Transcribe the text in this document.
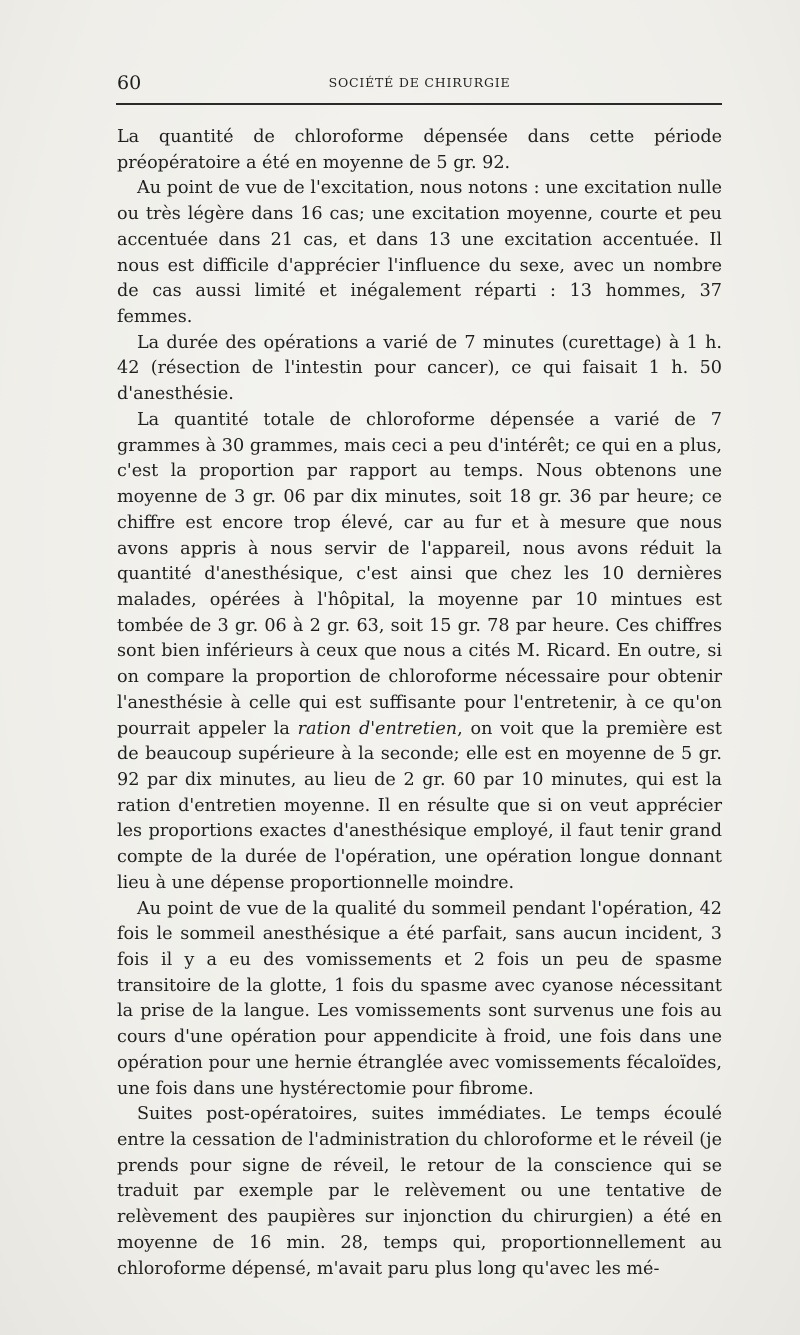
60	SOCIÉTÉ DE CHIRURGIE

La quantité de chloroforme dépensée dans cette période préopératoire a été en moyenne de 5 gr. 92.

Au point de vue de l'excitation, nous notons : une excitation nulle ou très légère dans 16 cas; une excitation moyenne, courte et peu accentuée dans 21 cas, et dans 13 une excitation accentuée. Il nous est difficile d'apprécier l'influence du sexe, avec un nombre de cas aussi limité et inégalement réparti : 13 hommes, 37 femmes.

La durée des opérations a varié de 7 minutes (curettage) à 1 h. 42 (résection de l'intestin pour cancer), ce qui faisait 1 h. 50 d'anesthésie.

La quantité totale de chloroforme dépensée a varié de 7 grammes à 30 grammes, mais ceci a peu d'intérêt; ce qui en a plus, c'est la proportion par rapport au temps. Nous obtenons une moyenne de 3 gr. 06 par dix minutes, soit 18 gr. 36 par heure; ce chiffre est encore trop élevé, car au fur et à mesure que nous avons appris à nous servir de l'appareil, nous avons réduit la quantité d'anesthésique, c'est ainsi que chez les 10 dernières malades, opérées à l'hôpital, la moyenne par 10 mintues est tombée de 3 gr. 06 à 2 gr. 63, soit 15 gr. 78 par heure. Ces chiffres sont bien inférieurs à ceux que nous a cités M. Ricard. En outre, si on compare la proportion de chloroforme nécessaire pour obtenir l'anesthésie à celle qui est suffisante pour l'entretenir, à ce qu'on pourrait appeler la ration d'entretien, on voit que la première est de beaucoup supérieure à la seconde; elle est en moyenne de 5 gr. 92 par dix minutes, au lieu de 2 gr. 60 par 10 minutes, qui est la ration d'entretien moyenne. Il en résulte que si on veut apprécier les proportions exactes d'anesthésique employé, il faut tenir grand compte de la durée de l'opération, une opération longue donnant lieu à une dépense proportionnelle moindre.

Au point de vue de la qualité du sommeil pendant l'opération, 42 fois le sommeil anesthésique a été parfait, sans aucun incident, 3 fois il y a eu des vomissements et 2 fois un peu de spasme transitoire de la glotte, 1 fois du spasme avec cyanose nécessitant la prise de la langue. Les vomissements sont survenus une fois au cours d'une opération pour appendicite à froid, une fois dans une opération pour une hernie étranglée avec vomissements fécaloïdes, une fois dans une hystérectomie pour fibrome.

Suites post-opératoires, suites immédiates. Le temps écoulé entre la cessation de l'administration du chloroforme et le réveil (je prends pour signe de réveil, le retour de la conscience qui se traduit par exemple par le relèvement ou une tentative de relèvement des paupières sur injonction du chirurgien) a été en moyenne de 16 min. 28, temps qui, proportionnellement au chloroforme dépensé, m'avait paru plus long qu'avec les mé-
